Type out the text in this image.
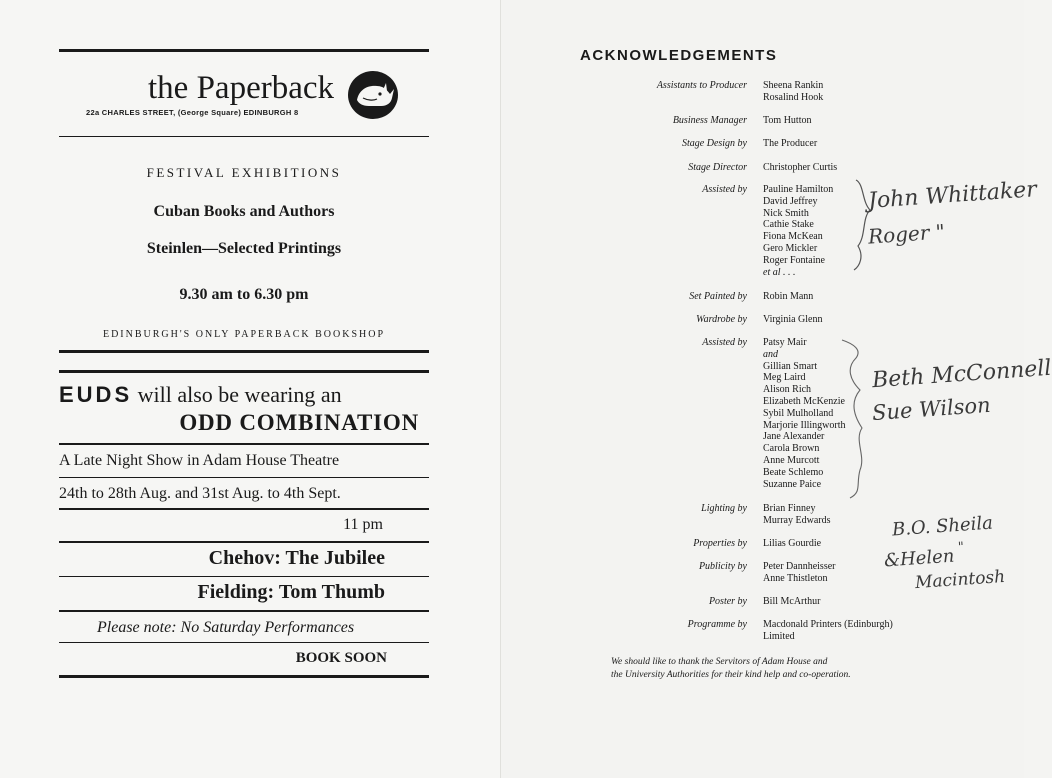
the Paperback
22a CHARLES STREET, (George Square) EDINBURGH 8
FESTIVAL EXHIBITIONS
Cuban Books and Authors
Steinlen—Selected Printings
9.30 am to 6.30 pm
EDINBURGH'S ONLY PAPERBACK BOOKSHOP
EUDS will also be wearing an
ODD COMBINATION
A Late Night Show in Adam House Theatre
24th to 28th Aug. and 31st Aug. to 4th Sept.
11 pm
Chehov: The Jubilee
Fielding: Tom Thumb
Please note: No Saturday Performances
BOOK SOON
ACKNOWLEDGEMENTS
Assistants to Producer Sheena Rankin
Rosalind Hook
Business Manager Tom Hutton
Stage Design by The Producer
Stage Director Christopher Curtis
Assisted by Pauline Hamilton
David Jeffrey
Nick Smith
Cathie Stake
Fiona McKean
Gero Mickler
Roger Fontaine
et al . . .
Set Painted by Robin Mann
Wardrobe by Virginia Glenn
Assisted by Patsy Mair
and
Gillian Smart
Meg Laird
Alison Rich
Elizabeth McKenzie
Sybil Mulholland
Marjorie Illingworth
Jane Alexander
Carola Brown
Anne Murcott
Beate Schlemo
Suzanne Paice
Lighting by Brian Finney
Murray Edwards
Properties by Lilias Gourdie
Publicity by Peter Dannheisser
Anne Thistleton
Poster by Bill McArthur
Programme by Macdonald Printers (Edinburgh)
Limited
We should like to thank the Servitors of Adam House and
the University Authorities for their kind help and co-operation.
John Whittaker
Roger "
Beth McConnell
Sue Wilson
B.O. Sheila
"
&Helen
Macintosh
